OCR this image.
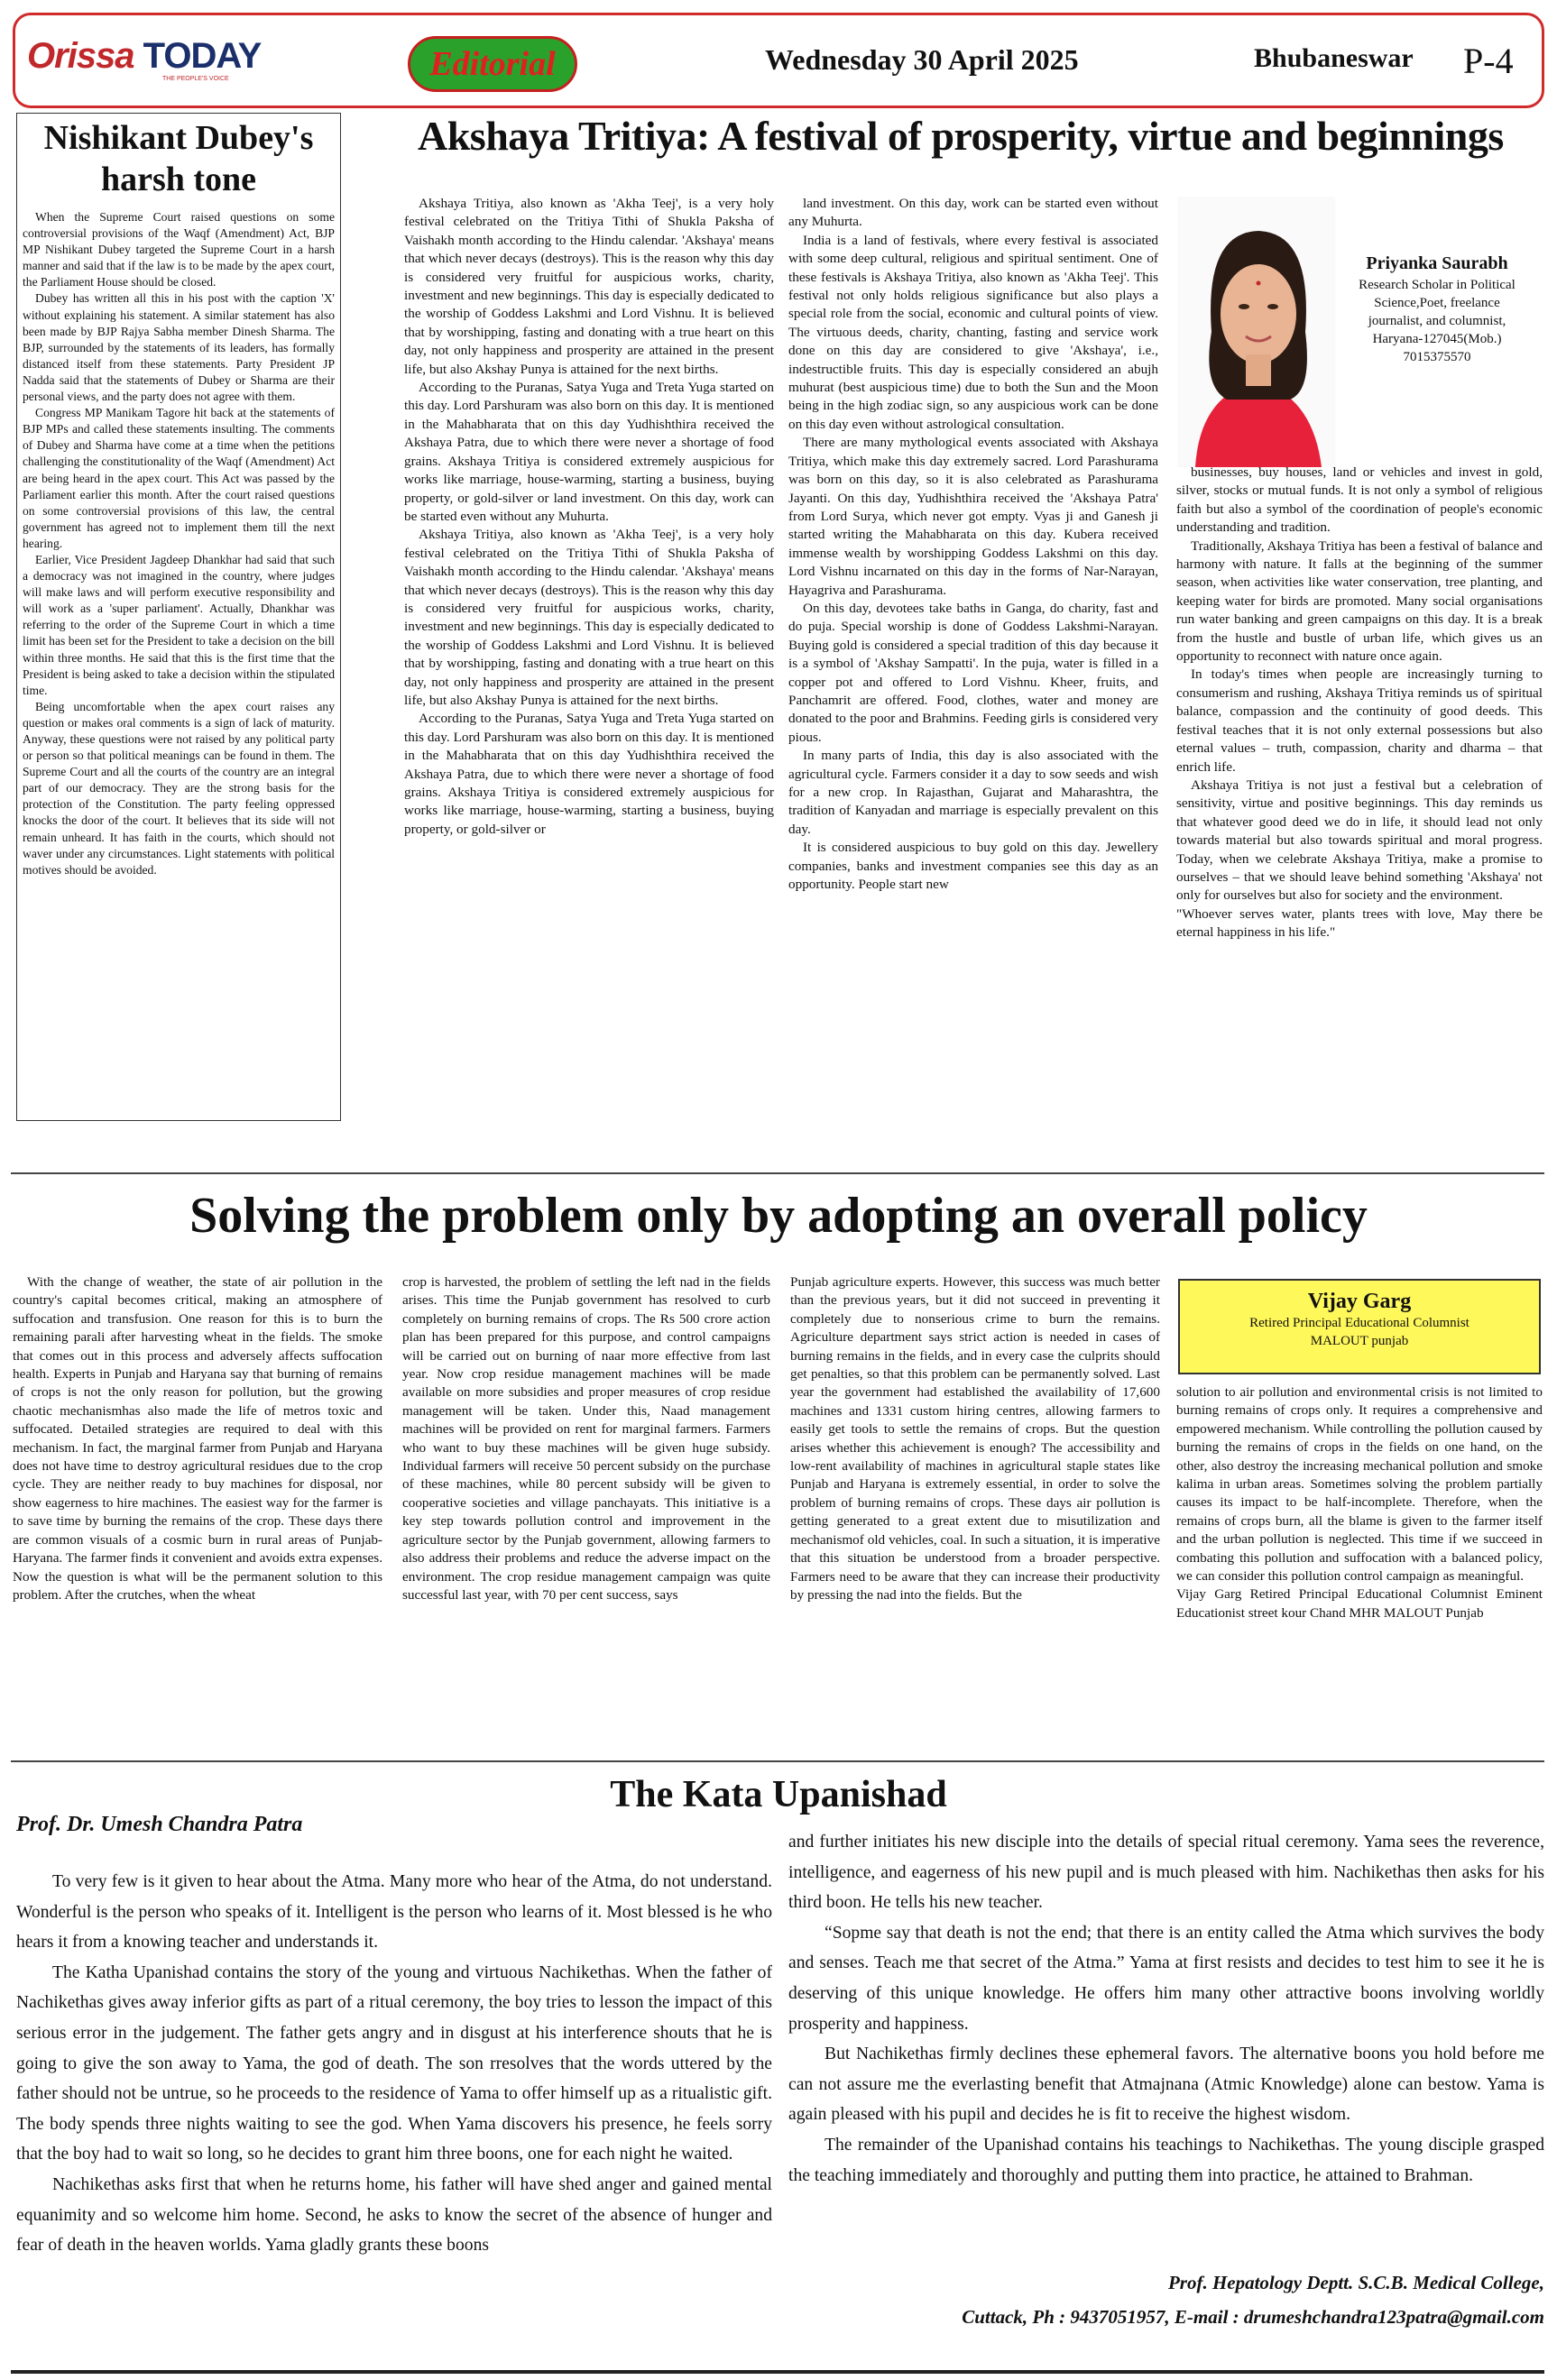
Orissa TODAY
THE PEOPLE'S VOICE	Editorial	Wednesday 30 April 2025	Bhubaneswar P-4
Nishikant Dubey's harsh tone

When the Supreme Court raised questions on some controversial provisions of the Waqf (Amendment) Act, BJP MP Nishikant Dubey targeted the Supreme Court in a harsh manner and said that if the law is to be made by the apex court, the Parliament House should be closed.

Dubey has written all this in his post with the caption 'X' without explaining his statement. A similar statement has also been made by BJP Rajya Sabha member Dinesh Sharma. The BJP, surrounded by the statements of its leaders, has formally distanced itself from these statements. Party President JP Nadda said that the statements of Dubey or Sharma are their personal views, and the party does not agree with them.

Congress MP Manikam Tagore hit back at the statements of BJP MPs and called these statements insulting. The comments of Dubey and Sharma have come at a time when the petitions challenging the constitutionality of the Waqf (Amendment) Act are being heard in the apex court. This Act was passed by the Parliament earlier this month. After the court raised questions on some controversial provisions of this law, the central government has agreed not to implement them till the next hearing.

Earlier, Vice President Jagdeep Dhankhar had said that such a democracy was not imagined in the country, where judges will make laws and will perform executive responsibility and will work as a 'super parliament'. Actually, Dhankhar was referring to the order of the Supreme Court in which a time limit has been set for the President to take a decision on the bill within three months. He said that this is the first time that the President is being asked to take a decision within the stipulated time.

Being uncomfortable when the apex court raises any question or makes oral comments is a sign of lack of maturity. Anyway, these questions were not raised by any political party or person so that political meanings can be found in them. The Supreme Court and all the courts of the country are an integral part of our democracy. They are the strong basis for the protection of the Constitution. The party feeling oppressed knocks the door of the court. It believes that its side will not remain unheard. It has faith in the courts, which should not waver under any circumstances. Light statements with political motives should be avoided.

Akshaya Tritiya: A festival of prosperity, virtue and beginnings

Akshaya Tritiya, also known as 'Akha Teej', is a very holy festival celebrated on the Tritiya Tithi of Shukla Paksha of Vaishakh month according to the Hindu calendar. 'Akshaya' means that which never decays (destroys). This is the reason why this day is considered very fruitful for auspicious works, charity, investment and new beginnings. This day is especially dedicated to the worship of Goddess Lakshmi and Lord Vishnu. It is believed that by worshipping, fasting and donating with a true heart on this day, not only happiness and prosperity are attained in the present life, but also Akshay Punya is attained for the next births.

According to the Puranas, Satya Yuga and Treta Yuga started on this day. Lord Parshuram was also born on this day. It is mentioned in the Mahabharata that on this day Yudhishthira received the Akshaya Patra, due to which there were never a shortage of food grains. Akshaya Tritiya is considered extremely auspicious for works like marriage, house-warming, starting a business, buying property, or gold-silver or land investment. On this day, work can be started even without any Muhurta.

Akshaya Tritiya, also known as 'Akha Teej', is a very holy festival celebrated on the Tritiya Tithi of Shukla Paksha of Vaishakh month according to the Hindu calendar. 'Akshaya' means that which never decays (destroys). This is the reason why this day is considered very fruitful for auspicious works, charity, investment and new beginnings. This day is especially dedicated to the worship of Goddess Lakshmi and Lord Vishnu. It is believed that by worshipping, fasting and donating with a true heart on this day, not only happiness and prosperity are attained in the present life, but also Akshay Punya is attained for the next births.

According to the Puranas, Satya Yuga and Treta Yuga started on this day. Lord Parshuram was also born on this day. It is mentioned in the Mahabharata that on this day Yudhishthira received the Akshaya Patra, due to which there were never a shortage of food grains. Akshaya Tritiya is considered extremely auspicious for works like marriage, house-warming, starting a business, buying property, or gold-silver or

land investment. On this day, work can be started even without any Muhurta.

India is a land of festivals, where every festival is associated with some deep cultural, religious and spiritual sentiment. One of these festivals is Akshaya Tritiya, also known as 'Akha Teej'. This festival not only holds religious significance but also plays a special role from the social, economic and cultural points of view. The virtuous deeds, charity, chanting, fasting and service work done on this day are considered to give 'Akshaya', i.e., indestructible fruits. This day is especially considered an abujh muhurat (best auspicious time) due to both the Sun and the Moon being in the high zodiac sign, so any auspicious work can be done on this day even without astrological consultation.

There are many mythological events associated with Akshaya Tritiya, which make this day extremely sacred. Lord Parashurama was born on this day, so it is also celebrated as Parashurama Jayanti. On this day, Yudhishthira received the 'Akshaya Patra' from Lord Surya, which never got empty. Vyas ji and Ganesh ji started writing the Mahabharata on this day. Kubera received immense wealth by worshipping Goddess Lakshmi on this day. Lord Vishnu incarnated on this day in the forms of Nar-Narayan, Hayagriva and Parashurama.

On this day, devotees take baths in Ganga, do charity, fast and do puja. Special worship is done of Goddess Lakshmi-Narayan. Buying gold is considered a special tradition of this day because it is a symbol of 'Akshay Sampatti'. In the puja, water is filled in a copper pot and offered to Lord Vishnu. Kheer, fruits, and Panchamrit are offered. Food, clothes, water and money are donated to the poor and Brahmins. Feeding girls is considered very pious.

In many parts of India, this day is also associated with the agricultural cycle. Farmers consider it a day to sow seeds and wish for a new crop. In Rajasthan, Gujarat and Maharashtra, the tradition of Kanyadan and marriage is especially prevalent on this day.

It is considered auspicious to buy gold on this day. Jewellery companies, banks and investment companies see this day as an opportunity. People start new

Priyanka Saurabh
Research Scholar in Political
Science,Poet, freelance
journalist, and columnist,
Haryana-127045(Mob.)
7015375570

businesses, buy houses, land or vehicles and invest in gold, silver, stocks or mutual funds. It is not only a symbol of religious faith but also a symbol of the coordination of people's economic understanding and tradition.

Traditionally, Akshaya Tritiya has been a festival of balance and harmony with nature. It falls at the beginning of the summer season, when activities like water conservation, tree planting, and keeping water for birds are promoted. Many social organisations run water banking and green campaigns on this day. It is a break from the hustle and bustle of urban life, which gives us an opportunity to reconnect with nature once again.

In today's times when people are increasingly turning to consumerism and rushing, Akshaya Tritiya reminds us of spiritual balance, compassion and the continuity of good deeds. This festival teaches that it is not only external possessions but also eternal values – truth, compassion, charity and dharma – that enrich life.

Akshaya Tritiya is not just a festival but a celebration of sensitivity, virtue and positive beginnings. This day reminds us that whatever good deed we do in life, it should lead not only towards material but also towards spiritual and moral progress. Today, when we celebrate Akshaya Tritiya, make a promise to ourselves – that we should leave behind something 'Akshaya' not only for ourselves but also for society and the environment.

"Whoever serves water, plants trees with love, May there be eternal happiness in his life."

Solving the problem only by adopting an overall policy

With the change of weather, the state of air pollution in the country's capital becomes critical, making an atmosphere of suffocation and transfusion. One reason for this is to burn the remaining parali after harvesting wheat in the fields. The smoke that comes out in this process and adversely affects suffocation health. Experts in Punjab and Haryana say that burning of remains of crops is not the only reason for pollution, but the growing chaotic mechanismhas also made the life of metros toxic and suffocated. Detailed strategies are required to deal with this mechanism. In fact, the marginal farmer from Punjab and Haryana does not have time to destroy agricultural residues due to the crop cycle. They are neither ready to buy machines for disposal, nor show eagerness to hire machines. The easiest way for the farmer is to save time by burning the remains of the crop. These days there are common visuals of a cosmic burn in rural areas of Punjab-Haryana. The farmer finds it convenient and avoids extra expenses. Now the question is what will be the permanent solution to this problem. After the crutches, when the wheat

crop is harvested, the problem of settling the left nad in the fields arises. This time the Punjab government has resolved to curb completely on burning remains of crops. The Rs 500 crore action plan has been prepared for this purpose, and control campaigns will be carried out on burning of naar more effective from last year. Now crop residue management machines will be made available on more subsidies and proper measures of crop residue management will be taken. Under this, Naad management machines will be provided on rent for marginal farmers. Farmers who want to buy these machines will be given huge subsidy. Individual farmers will receive 50 percent subsidy on the purchase of these machines, while 80 percent subsidy will be given to cooperative societies and village panchayats. This initiative is a key step towards pollution control and improvement in the agriculture sector by the Punjab government, allowing farmers to also address their problems and reduce the adverse impact on the environment. The crop residue management campaign was quite successful last year, with 70 per cent success, says

Punjab agriculture experts. However, this success was much better than the previous years, but it did not succeed in preventing it completely due to nonserious crime to burn the remains. Agriculture department says strict action is needed in cases of burning remains in the fields, and in every case the culprits should get penalties, so that this problem can be permanently solved. Last year the government had established the availability of 17,600 machines and 1331 custom hiring centres, allowing farmers to easily get tools to settle the remains of crops. But the question arises whether this achievement is enough? The accessibility and low-rent availability of machines in agricultural staple states like Punjab and Haryana is extremely essential, in order to solve the problem of burning remains of crops. These days air pollution is getting generated to a great extent due to misutilization and mechanismof old vehicles, coal. In such a situation, it is imperative that this situation be understood from a broader perspective. Farmers need to be aware that they can increase their productivity by pressing the nad into the fields. But the

Vijay Garg
Retired Principal Educational Columnist
MALOUT punjab

solution to air pollution and environmental crisis is not limited to burning remains of crops only. It requires a comprehensive and empowered mechanism. While controlling the pollution caused by burning the remains of crops in the fields on one hand, on the other, also destroy the increasing mechanical pollution and smoke kalima in urban areas. Sometimes solving the problem partially causes its impact to be half-incomplete. Therefore, when the remains of crops burn, all the blame is given to the farmer itself and the urban pollution is neglected. This time if we succeed in combating this pollution and suffocation with a balanced policy, we can consider this pollution control campaign as meaningful.

Vijay Garg Retired Principal Educational Columnist Eminent Educationist street kour Chand MHR MALOUT Punjab

The Kata Upanishad
Prof. Dr. Umesh Chandra Patra

To very few is it given to hear about the Atma. Many more who hear of the Atma, do not understand. Wonderful is the person who speaks of it. Intelligent is the person who learns of it. Most blessed is he who hears it from a knowing teacher and understands it.

The Katha Upanishad contains the story of the young and virtuous Nachikethas. When the father of Nachikethas gives away inferior gifts as part of a ritual ceremony, the boy tries to lesson the impact of this serious error in the judgement. The father gets angry and in disgust at his interference shouts that he is going to give the son away to Yama, the god of death. The son rresolves that the words uttered by the father should not be untrue, so he proceeds to the residence of Yama to offer himself up as a ritualistic gift. The body spends three nights waiting to see the god. When Yama discovers his presence, he feels sorry that the boy had to wait so long, so he decides to grant him three boons, one for each night he waited.

Nachikethas asks first that when he returns home, his father will have shed anger and gained mental equanimity and so welcome him home. Second, he asks to know the secret of the absence of hunger and fear of death in the heaven worlds. Yama gladly grants these boons

and further initiates his new disciple into the details of special ritual ceremony. Yama sees the reverence, intelligence, and eagerness of his new pupil and is much pleased with him. Nachikethas then asks for his third boon. He tells his new teacher.

“Sopme say that death is not the end; that there is an entity called the Atma which survives the body and senses. Teach me that secret of the Atma.” Yama at first resists and decides to test him to see it he is deserving of this unique knowledge. He offers him many other attractive boons involving worldly prosperity and happiness.

But Nachikethas firmly declines these ephemeral favors. The alternative boons you hold before me can not assure me the everlasting benefit that Atmajnana (Atmic Knowledge) alone can bestow. Yama is again pleased with his pupil and decides he is fit to receive the highest wisdom.

The remainder of the Upanishad contains his teachings to Nachikethas. The young disciple grasped the teaching immediately and thoroughly and putting them into practice, he attained to Brahman.

Prof. Hepatology Deptt. S.C.B. Medical College,
Cuttack, Ph : 9437051957, E-mail : drumeshchandra123patra@gmail.com
